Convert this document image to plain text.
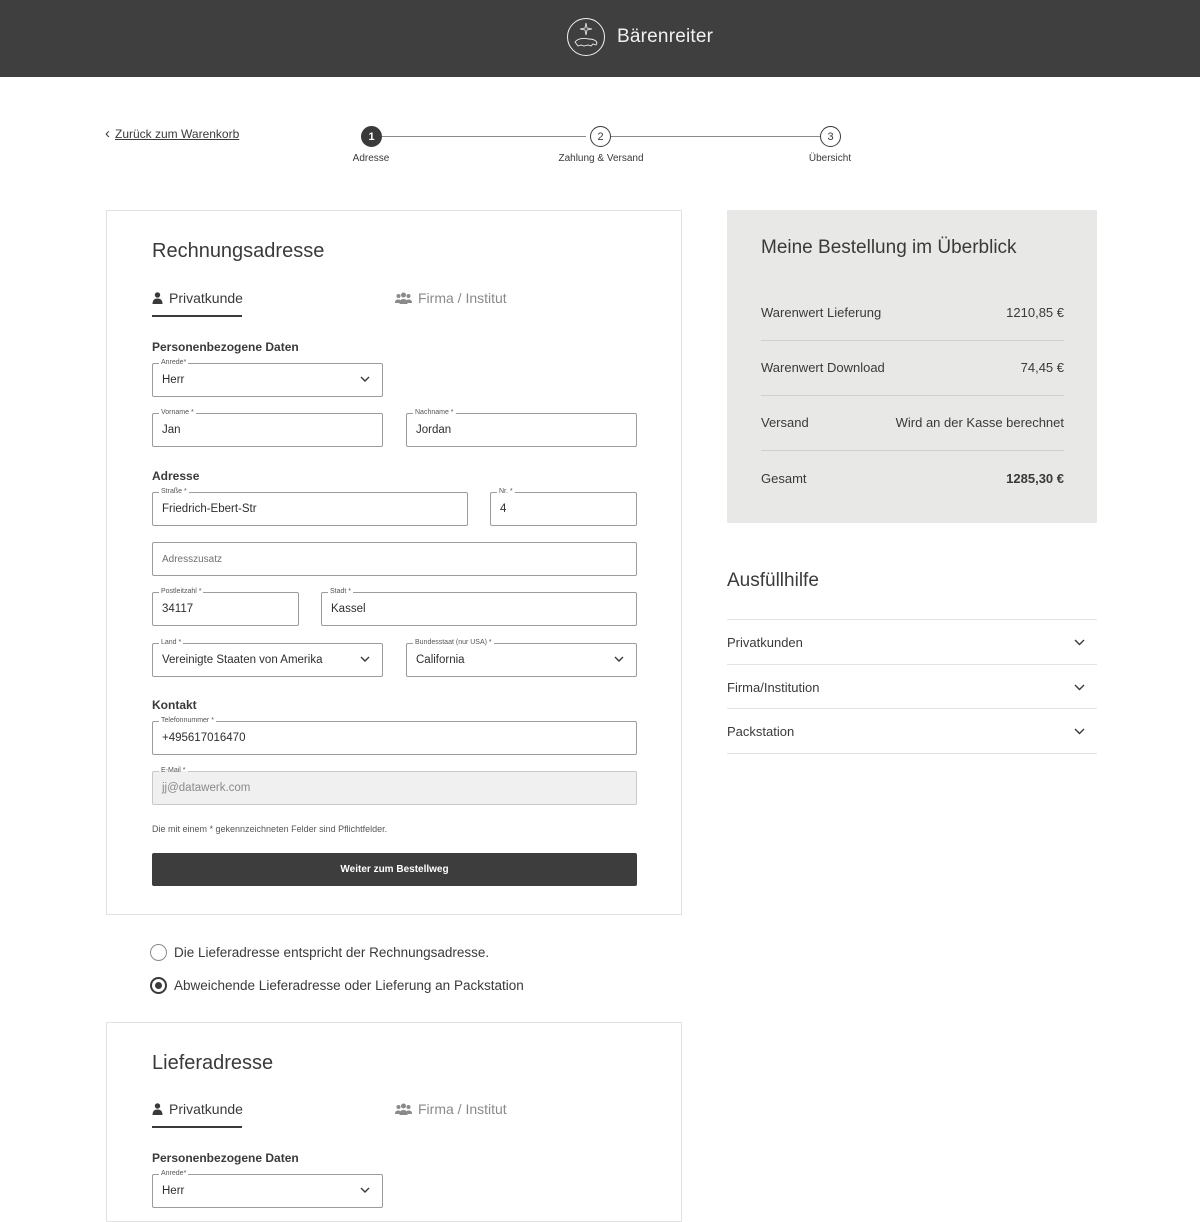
Bärenreiter
‹ Zurück zum Warenkorb	1	2	3
Adresse	Zahlung & Versand	Übersicht
Rechnungsadresse
Privatkunde	Firma / Institut
Personenbezogene Daten
Anrede*
Herr
Vorname *
Jan
Nachname *
Jordan
Adresse
Straße *
Friedrich-Ebert-Str
Nr. *
4
Adresszusatz
Postleitzahl *
34117
Stadt *
Kassel
Land *
Vereinigte Staaten von Amerika
Bundesstaat (nur USA) *
California
Kontakt
Telefonnummer *
+495617016470
E-Mail *
jj@datawerk.com
Die mit einem * gekennzeichneten Felder sind Pflichtfelder.
Weiter zum Bestellweg
Die Lieferadresse entspricht der Rechnungsadresse.
Abweichende Lieferadresse oder Lieferung an Packstation
Lieferadresse
Privatkunde	Firma / Institut
Personenbezogene Daten
Anrede*
Herr
Meine Bestellung im Überblick
Warenwert Lieferung	1210,85 €
Warenwert Download	74,45 €
Versand	Wird an der Kasse berechnet
Gesamt	1285,30 €
Ausfüllhilfe
Privatkunden
Firma/Institution
Packstation
